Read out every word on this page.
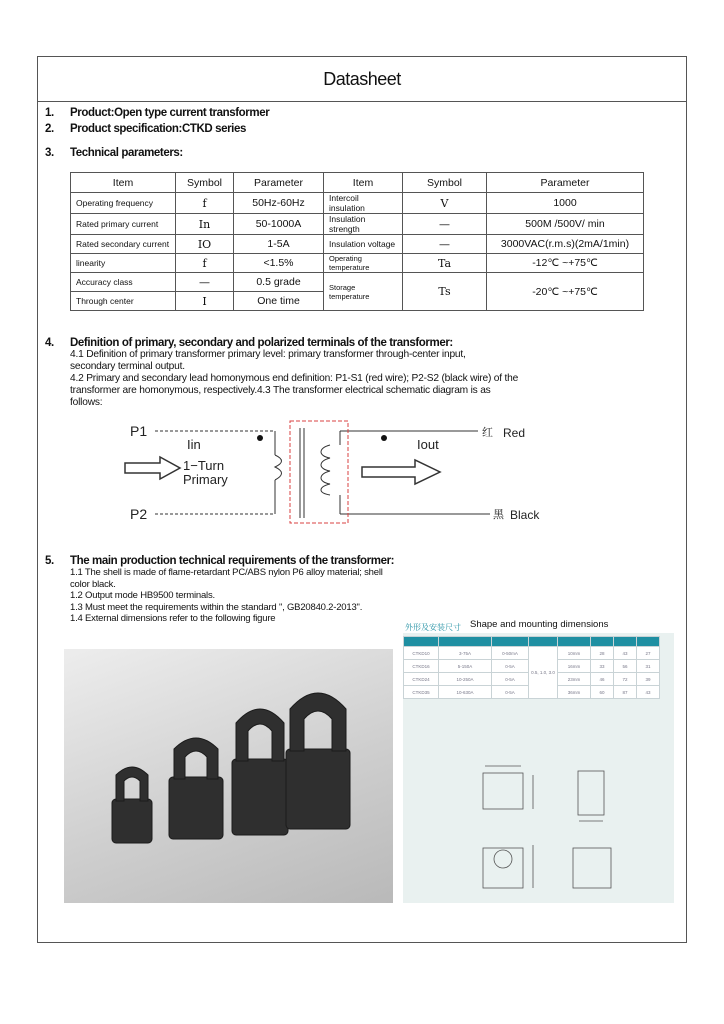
Datasheet
1. Product:Open type current transformer
2. Product specification:CTKD series
3. Technical parameters:
Item	Symbol	Parameter	Item	Symbol	Parameter
Operating frequency	f	50Hz-60Hz	Intercoil insulation	V	1000
Rated primary current	In	50-1000A	Insulation strength	—	500M /500V/ min
Rated secondary current	IO	1-5A	Insulation voltage	—	3000VAC(r.m.s)(2mA/1min)
linearity	f	<1.5%	Operating temperature	Ta	-12℃ ~+75℃
Accuracy class	—	0.5 grade	Storage temperature	Ts	-20℃ ~+75℃
Through center	I	One time			
4. Definition of primary, secondary and polarized terminals of the transformer:
4.1 Definition of primary transformer primary level: primary transformer through-center input,
secondary terminal output.
4.2 Primary and secondary lead homonymous end definition: P1-S1 (red wire); P2-S2 (black wire) of the
transformer are homonymous, respectively.4.3 The transformer electrical schematic diagram is as
follows:
P1
P2
Iin	Iout
1−Turn
Primary
红 Red
黑 Black
5. The main production technical requirements of the transformer:
1.1 The shell is made of flame-retardant PC/ABS nylon P6 alloy material; shell
color black.
1.2 Output mode HB9500 terminals.
1.3 Must meet the requirements within the standard ", GB20840.2-2013".
1.4 External dimensions refer to the following figure
外形及安装尺寸 Shape and mounting dimensions

CTKD10	3-75A	0-50mA	0.5, 1.0, 3.0	10mm	28	43	27
CTKD16	5-150A	0-5A		16mm	33	56	31
CTKD24	10-250A	0-5A		23mm	46	72	39
CTKD35	10-630A	0-5A		36mm	60	87	43
